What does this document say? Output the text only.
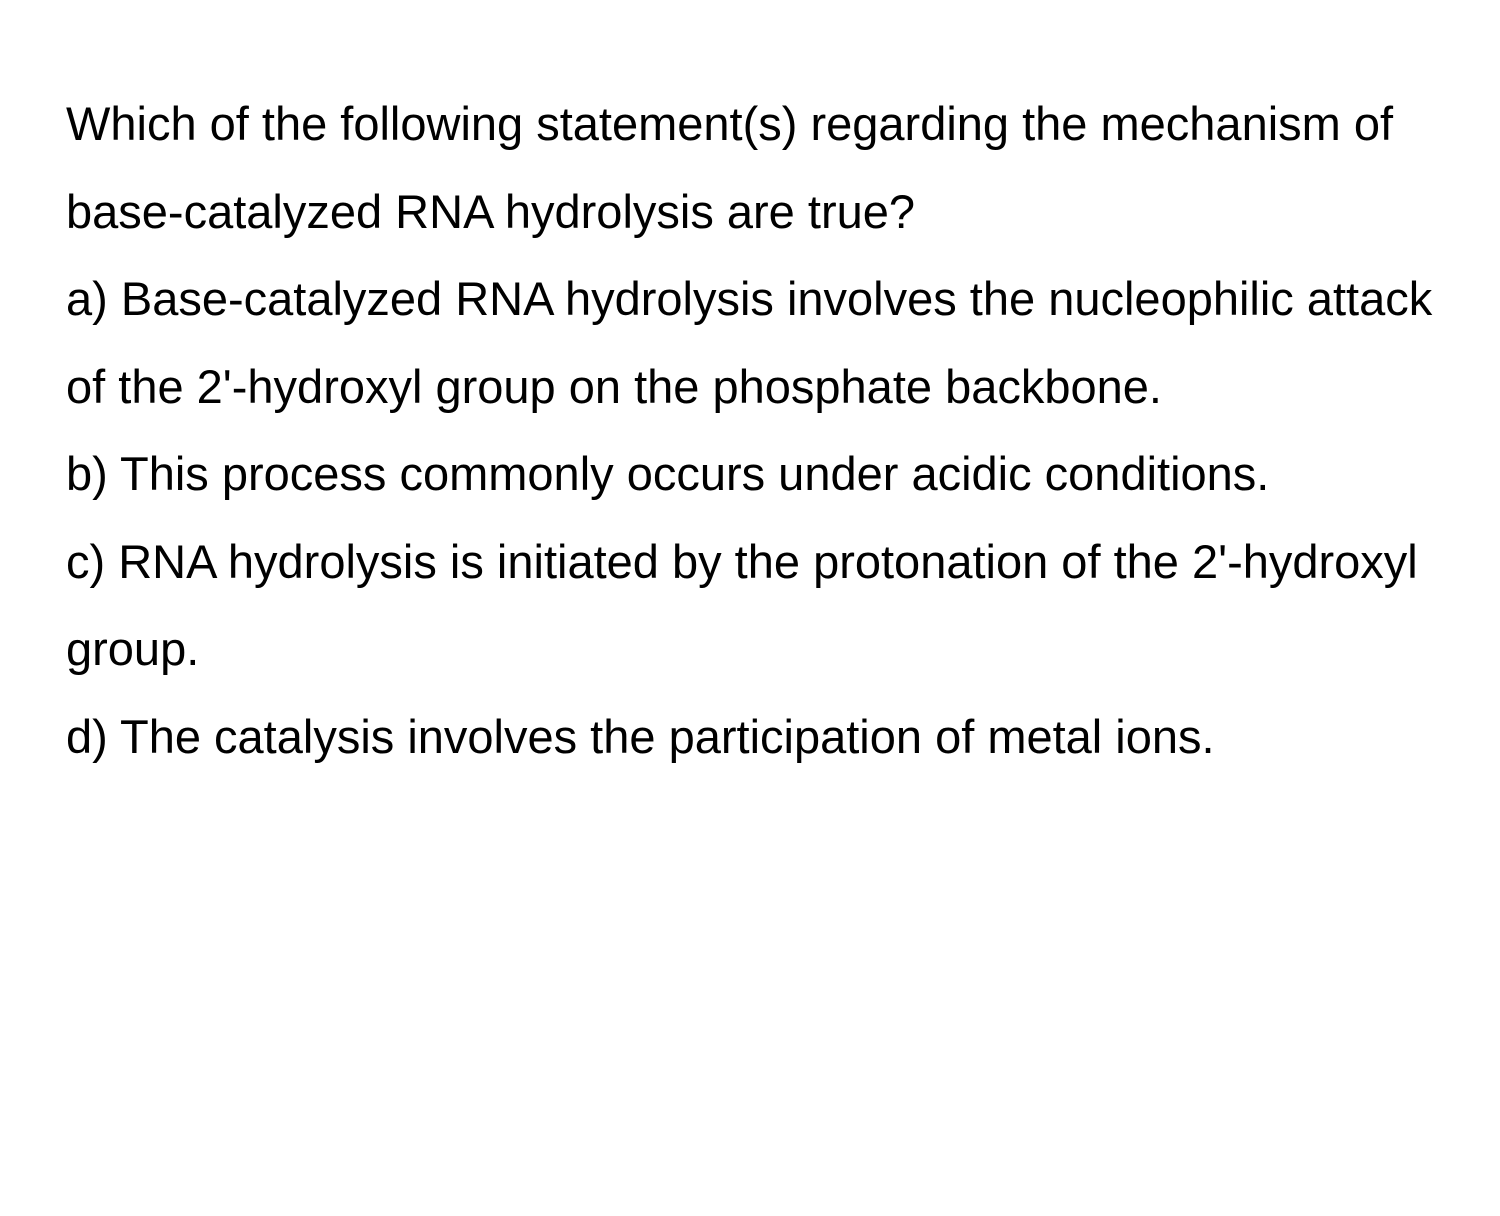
Which of the following statement(s) regarding the mechanism of base-catalyzed RNA hydrolysis are true?

a) Base-catalyzed RNA hydrolysis involves the nucleophilic attack of the 2'-hydroxyl group on the phosphate backbone.

b) This process commonly occurs under acidic conditions.

c) RNA hydrolysis is initiated by the protonation of the 2'-hydroxyl group.

d) The catalysis involves the participation of metal ions.
